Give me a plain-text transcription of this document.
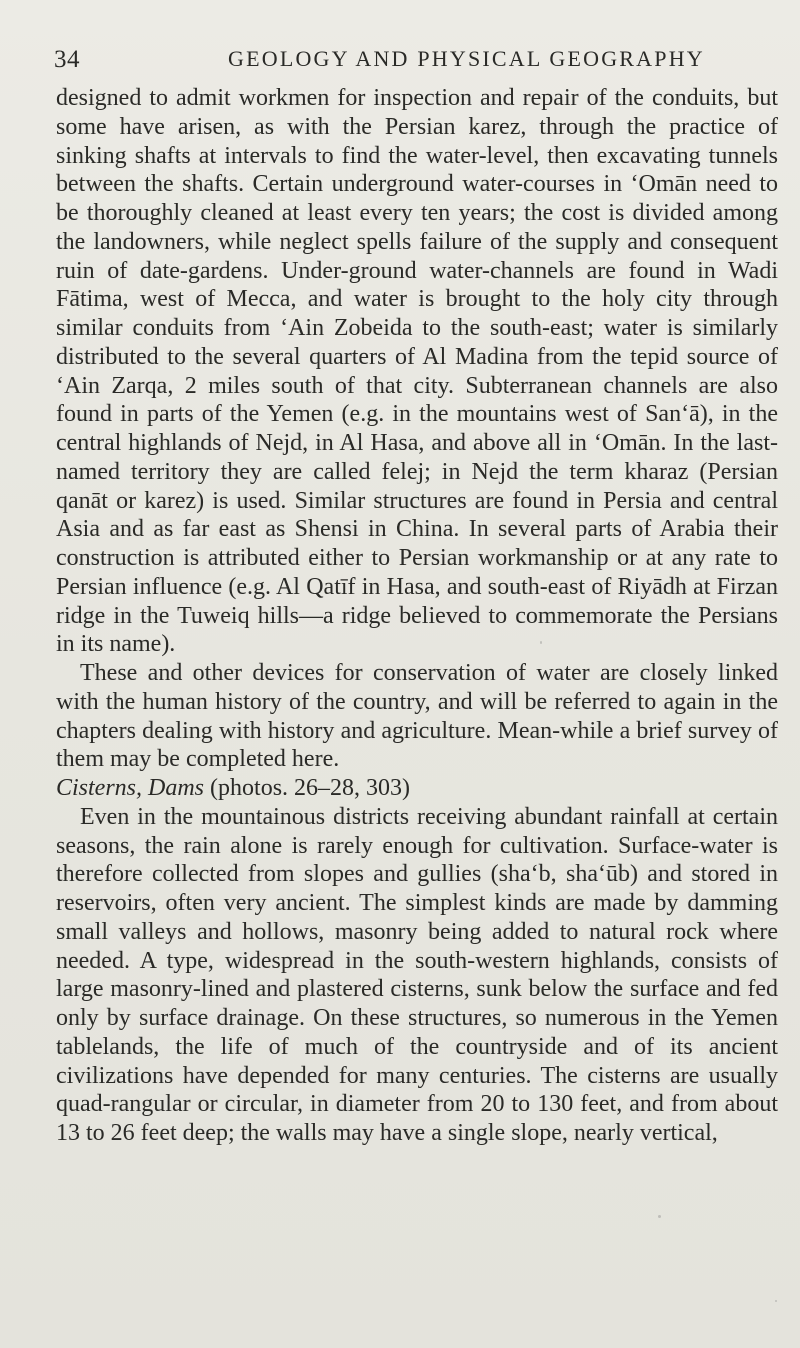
34	GEOLOGY AND PHYSICAL GEOGRAPHY

designed to admit workmen for inspection and repair of the conduits, but some have arisen, as with the Persian karez, through the practice of sinking shafts at intervals to find the water-level, then excavating tunnels between the shafts. Certain underground water-courses in ‘Omān need to be thoroughly cleaned at least every ten years; the cost is divided among the landowners, while neglect spells failure of the supply and consequent ruin of date-gardens. Under-ground water-channels are found in Wadi Fātima, west of Mecca, and water is brought to the holy city through similar conduits from ‘Ain Zobeida to the south-east; water is similarly distributed to the several quarters of Al Madina from the tepid source of ‘Ain Zarqa, 2 miles south of that city. Subterranean channels are also found in parts of the Yemen (e.g. in the mountains west of San‘ā), in the central highlands of Nejd, in Al Hasa, and above all in ‘Omān. In the last-named territory they are called felej; in Nejd the term kharaz (Persian qanāt or karez) is used. Similar structures are found in Persia and central Asia and as far east as Shensi in China. In several parts of Arabia their construction is attributed either to Persian workmanship or at any rate to Persian influence (e.g. Al Qatīf in Hasa, and south-east of Riyādh at Firzan ridge in the Tuweiq hills—a ridge believed to commemorate the Persians in its name).

These and other devices for conservation of water are closely linked with the human history of the country, and will be referred to again in the chapters dealing with history and agriculture. Mean-while a brief survey of them may be completed here.

Cisterns, Dams (photos. 26–28, 303)

Even in the mountainous districts receiving abundant rainfall at certain seasons, the rain alone is rarely enough for cultivation. Surface-water is therefore collected from slopes and gullies (sha‘b, sha‘ūb) and stored in reservoirs, often very ancient. The simplest kinds are made by damming small valleys and hollows, masonry being added to natural rock where needed. A type, widespread in the south-western highlands, consists of large masonry-lined and plastered cisterns, sunk below the surface and fed only by surface drainage. On these structures, so numerous in the Yemen tablelands, the life of much of the countryside and of its ancient civilizations have depended for many centuries. The cisterns are usually quad-rangular or circular, in diameter from 20 to 130 feet, and from about 13 to 26 feet deep; the walls may have a single slope, nearly vertical,
